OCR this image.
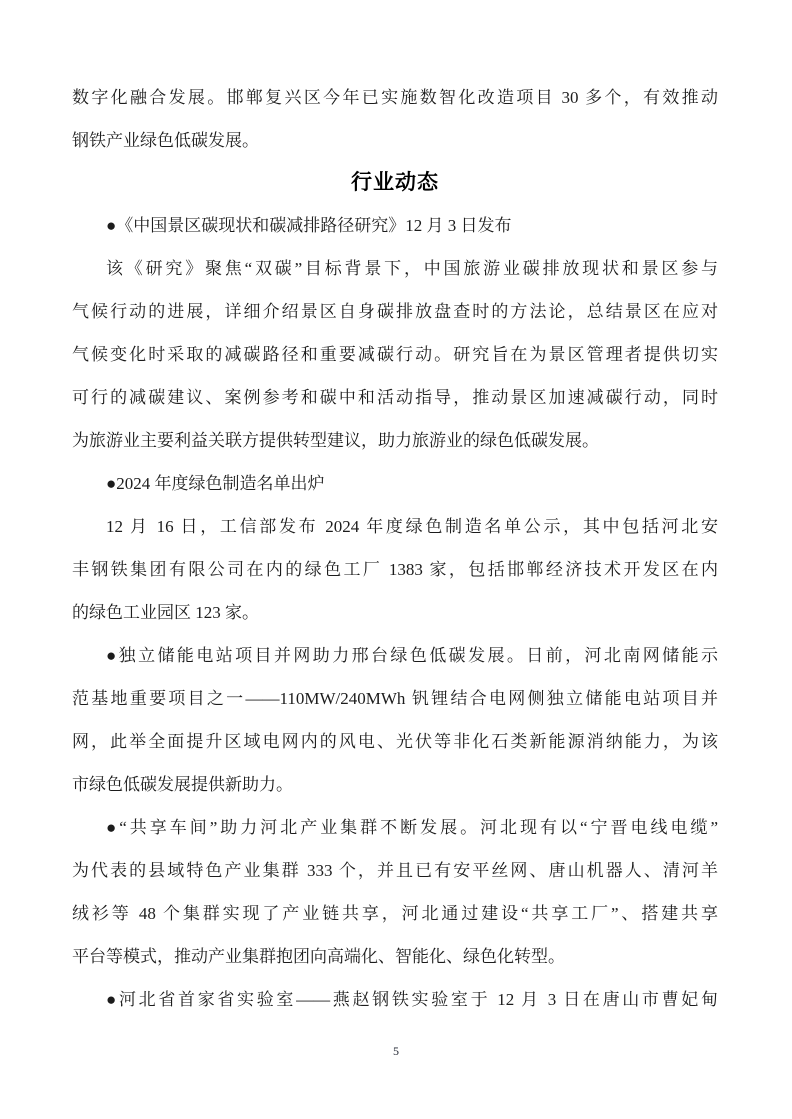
数字化融合发展。邯郸复兴区今年已实施数智化改造项目 30 多个，有效推动
钢铁产业绿色低碳发展。
行业动态
●《中国景区碳现状和碳减排路径研究》12 月 3 日发布
该《研究》聚焦“双碳”目标背景下，中国旅游业碳排放现状和景区参与
气候行动的进展，详细介绍景区自身碳排放盘查时的方法论，总结景区在应对
气候变化时采取的减碳路径和重要减碳行动。研究旨在为景区管理者提供切实
可行的减碳建议、案例参考和碳中和活动指导，推动景区加速减碳行动，同时
为旅游业主要利益关联方提供转型建议，助力旅游业的绿色低碳发展。
●2024 年度绿色制造名单出炉
12 月 16 日，工信部发布 2024 年度绿色制造名单公示，其中包括河北安
丰钢铁集团有限公司在内的绿色工厂 1383 家，包括邯郸经济技术开发区在内
的绿色工业园区 123 家。
●独立储能电站项目并网助力邢台绿色低碳发展。日前，河北南网储能示
范基地重要项目之一——110MW/240MWh 钒锂结合电网侧独立储能电站项目并
网，此举全面提升区域电网内的风电、光伏等非化石类新能源消纳能力，为该
市绿色低碳发展提供新助力。
●“共享车间”助力河北产业集群不断发展。河北现有以“宁晋电线电缆”
为代表的县域特色产业集群 333 个，并且已有安平丝网、唐山机器人、清河羊
绒衫等 48 个集群实现了产业链共享，河北通过建设“共享工厂”、搭建共享
平台等模式，推动产业集群抱团向高端化、智能化、绿色化转型。
●河北省首家省实验室——燕赵钢铁实验室于 12 月 3 日在唐山市曹妃甸
5
